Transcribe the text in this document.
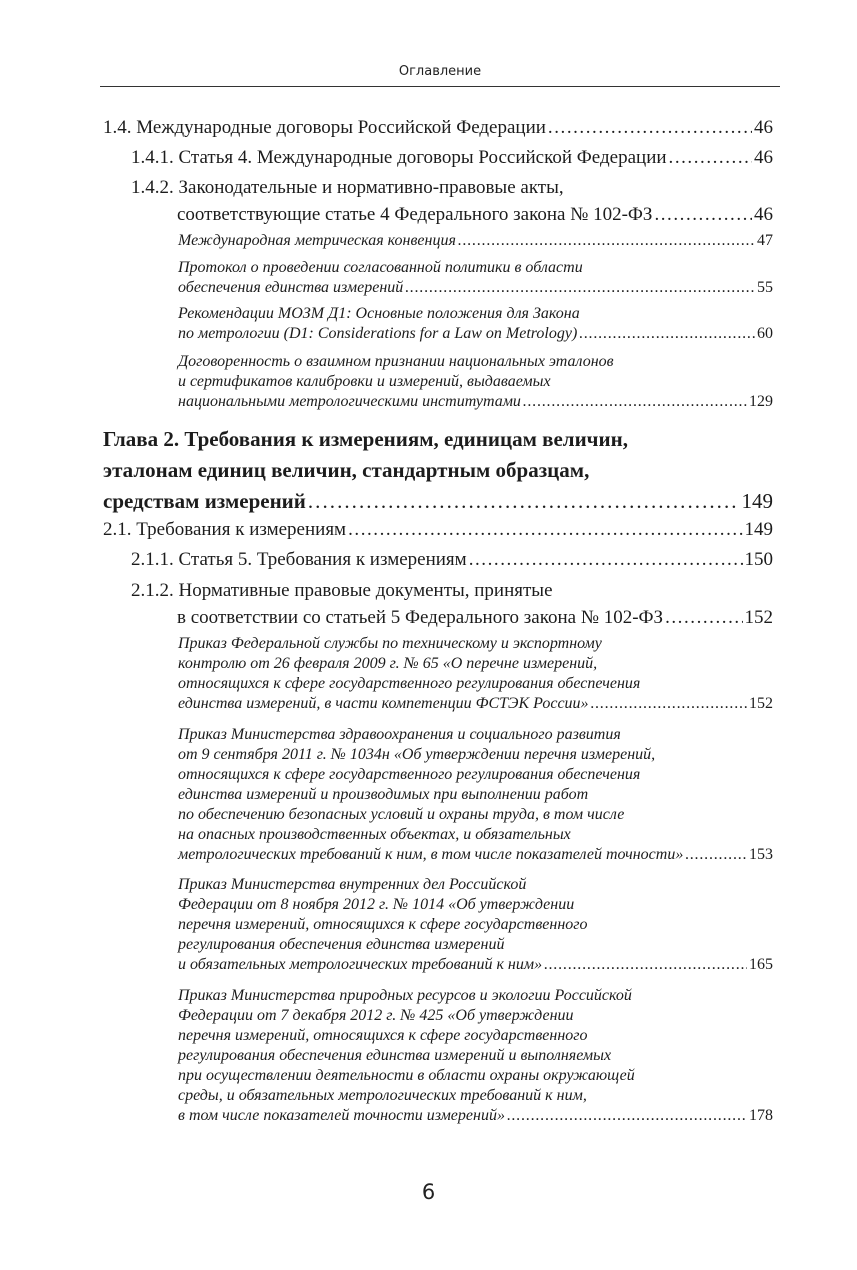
Оглавление
1.4. Международные договоры Российской Федерации . . .	46
1.4.1. Статья 4. Международные договоры Российской Федерации . . .	46
1.4.2. Законодательные и нормативно-правовые акты,
соответствующие статье 4 Федерального закона № 102-ФЗ . . .	46
Международная метрическая конвенция . . .	47
Протокол о проведении согласованной политики в области
обеспечения единства измерений . . .	55
Рекомендации МОЗМ Д1: Основные положения для Закона
по метрологии (D1: Considerations for a Law on Metrology) . . .	60
Договоренность о взаимном признании национальных эталонов
и сертификатов калибровки и измерений, выдаваемых
национальными метрологическими институтами . . .	129
Глава 2. Требования к измерениям, единицам величин,
эталонам единиц величин, стандартным образцам,
средствам измерений . . .	149
2.1. Требования к измерениям . . .	149
2.1.1. Статья 5. Требования к измерениям . . .	150
2.1.2. Нормативные правовые документы, принятые
в соответствии со статьей 5 Федерального закона № 102-ФЗ . . .	152
Приказ Федеральной службы по техническому и экспортному
контролю от 26 февраля 2009 г. № 65 «О перечне измерений,
относящихся к сфере государственного регулирования обеспечения
единства измерений, в части компетенции ФСТЭК России» . . .	152
Приказ Министерства здравоохранения и социального развития
от 9 сентября 2011 г. № 1034н «Об утверждении перечня измерений,
относящихся к сфере государственного регулирования обеспечения
единства измерений и производимых при выполнении работ
по обеспечению безопасных условий и охраны труда, в том числе
на опасных производственных объектах, и обязательных
метрологических требований к ним, в том числе показателей точности» . . .	153
Приказ Министерства внутренних дел Российской
Федерации от 8 ноября 2012 г. № 1014 «Об утверждении
перечня измерений, относящихся к сфере государственного
регулирования обеспечения единства измерений
и обязательных метрологических требований к ним» . . .	165
Приказ Министерства природных ресурсов и экологии Российской
Федерации от 7 декабря 2012 г. № 425 «Об утверждении
перечня измерений, относящихся к сфере государственного
регулирования обеспечения единства измерений и выполняемых
при осуществлении деятельности в области охраны окружающей
среды, и обязательных метрологических требований к ним,
в том числе показателей точности измерений» . . .	178
6
